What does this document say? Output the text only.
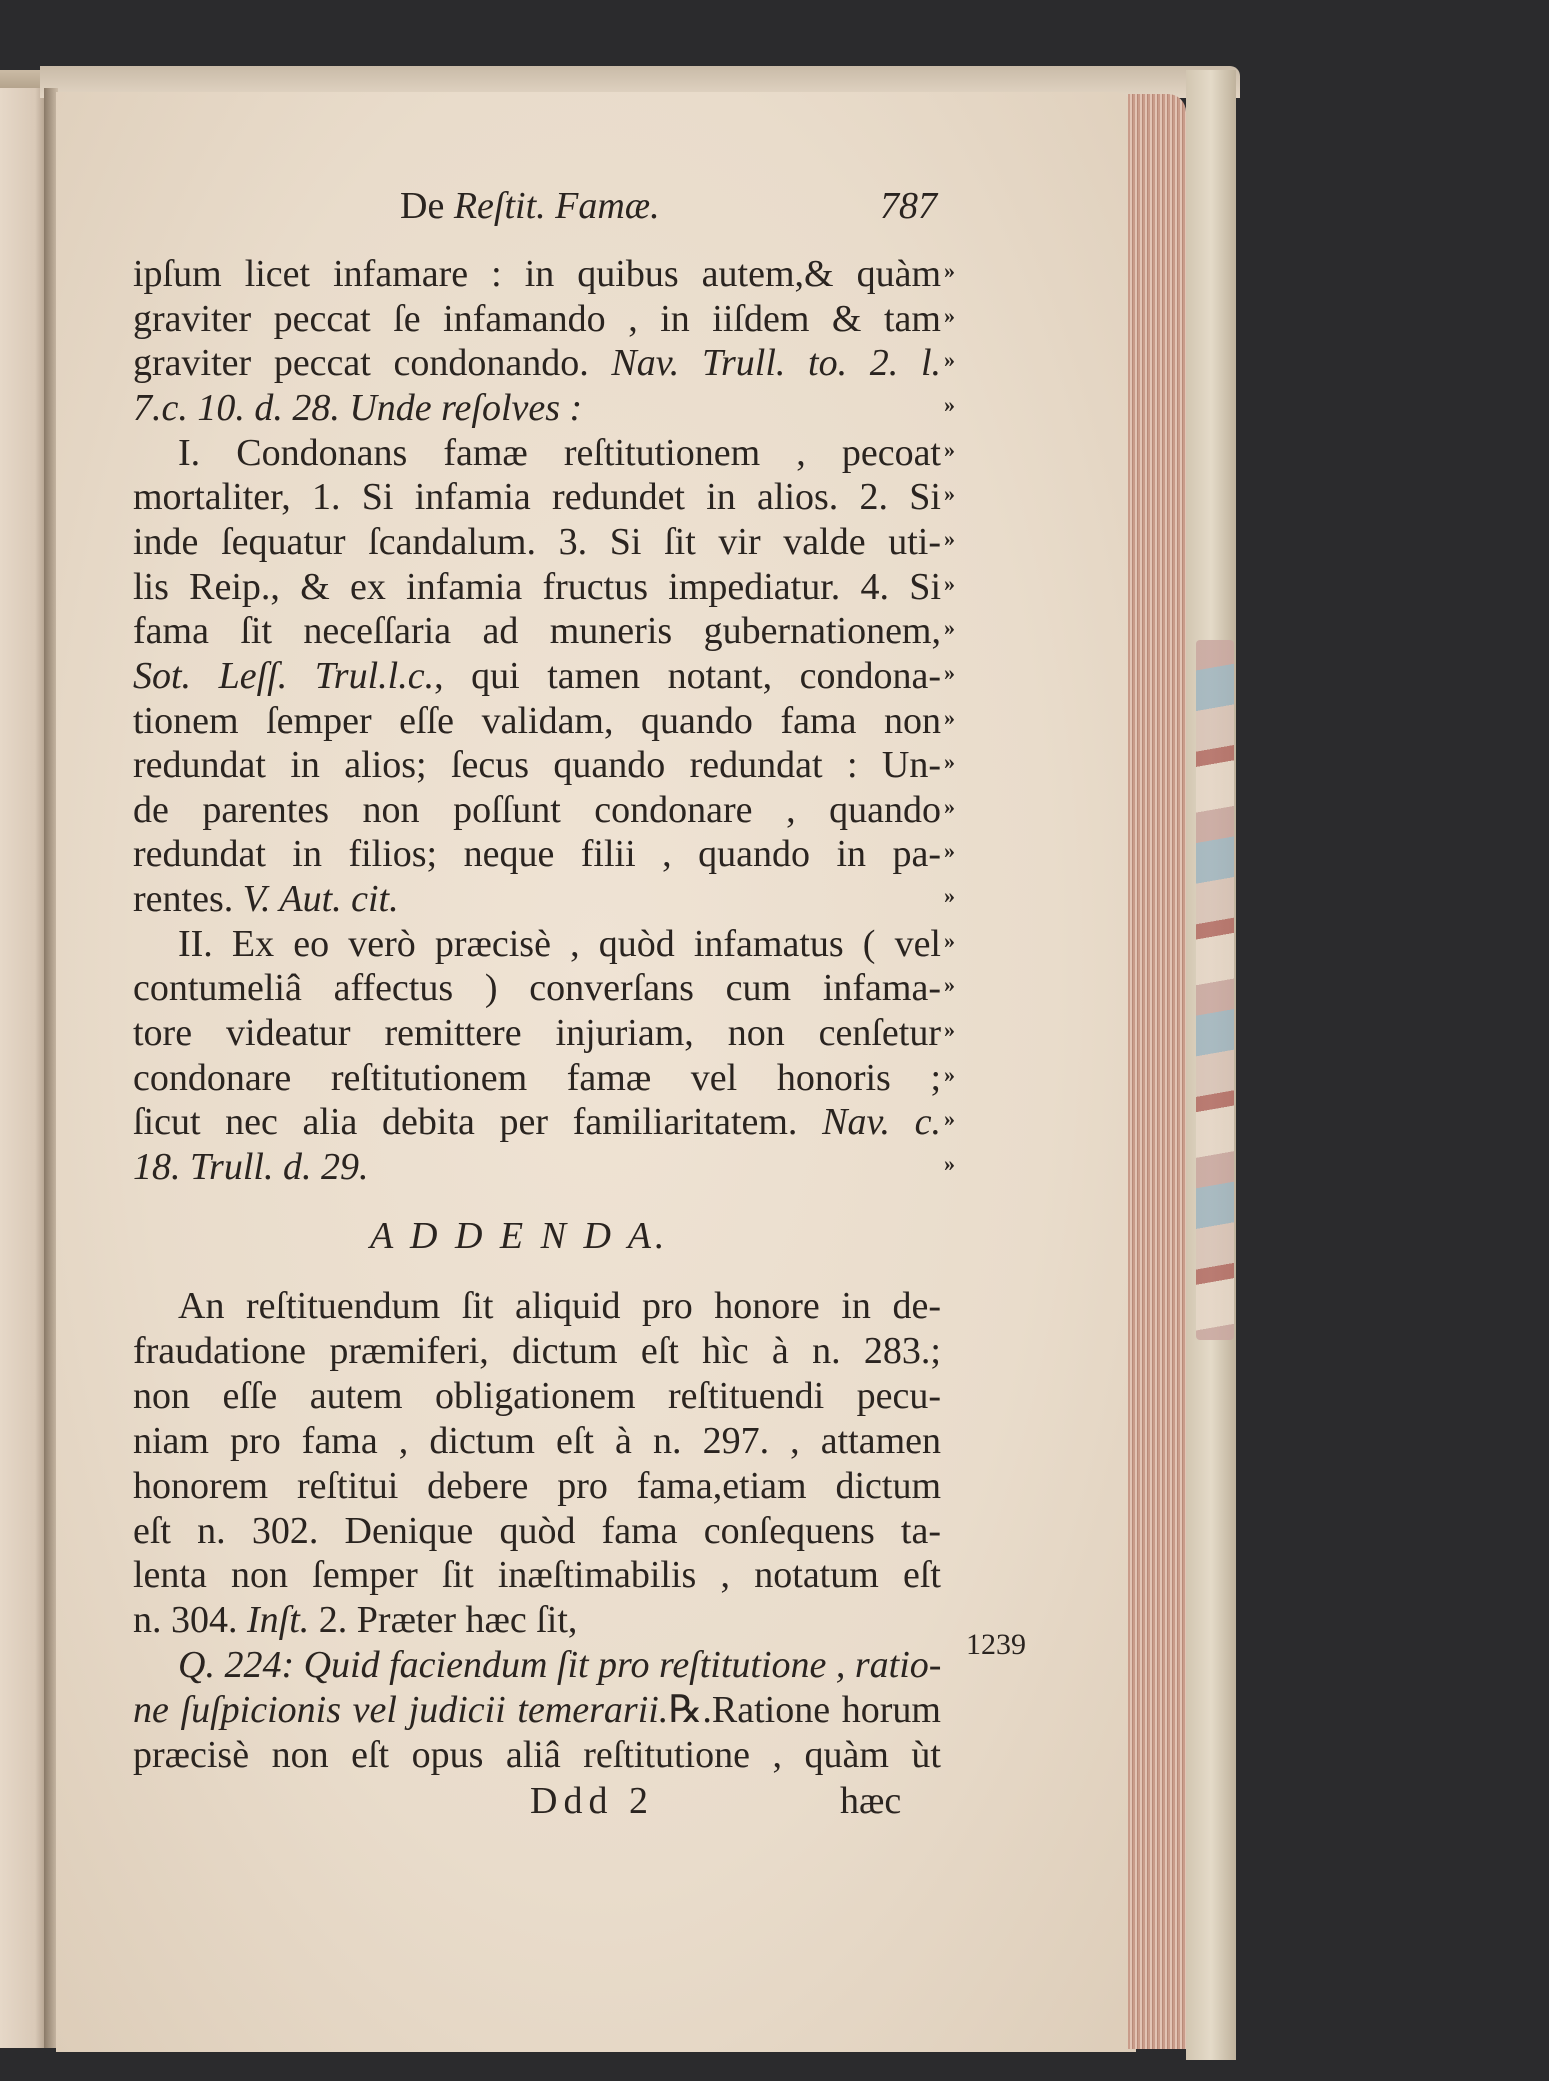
De Reſtit. Famæ.	787
ipſum licet infamare : in quibus autem,& quàm »
graviter peccat ſe infamando , in iiſdem & tam »
graviter peccat condonando. Nav. Trull. to. 2. l. »
7.c. 10. d. 28. Unde reſolves :	»
I. Condonans famæ reſtitutionem , pecoat »
mortaliter, 1. Si infamia redundet in alios. 2. Si »
inde ſequatur ſcandalum. 3. Si ſit vir valde uti- »
lis Reip., & ex infamia fructus impediatur. 4. Si »
fama ſit neceſſaria ad muneris gubernationem, »
Sot. Leſſ. Trul.l.c., qui tamen notant, condona- »
tionem ſemper eſſe validam, quando fama non »
redundat in alios; ſecus quando redundat : Un- »
de parentes non poſſunt condonare , quando »
redundat in filios; neque filii , quando in pa- »
rentes. V. Aut. cit.	»
II. Ex eo verò præcisè , quòd infamatus ( vel »
contumeliâ affectus ) converſans cum infama- »
tore videatur remittere injuriam, non cenſetur »
condonare reſtitutionem famæ vel honoris ; »
ſicut nec alia debita per familiaritatem. Nav. c. »
18. Trull. d. 29.	»
An reſtituendum ſit aliquid pro honore in de-
fraudatione præmiferi, dictum eſt hìc à n. 283.;
non eſſe autem obligationem reſtituendi pecu-
niam pro fama , dictum eſt à n. 297. , attamen
honorem reſtitui debere pro fama,etiam dictum
eſt n. 302. Denique quòd fama conſequens ta-
lenta non ſemper ſit inæſtimabilis , notatum eſt
n. 304. Inſt. 2. Præter hæc ſit,
Q. 224: Quid faciendum ſit pro reſtitutione , ratio-
ne ſuſpicionis vel judicii temerarii.℞.Ratione horum
præcisè non eſt opus aliâ reſtitutione , quàm ùt
A D D E N D A.
1239
Ddd 2	hæc
